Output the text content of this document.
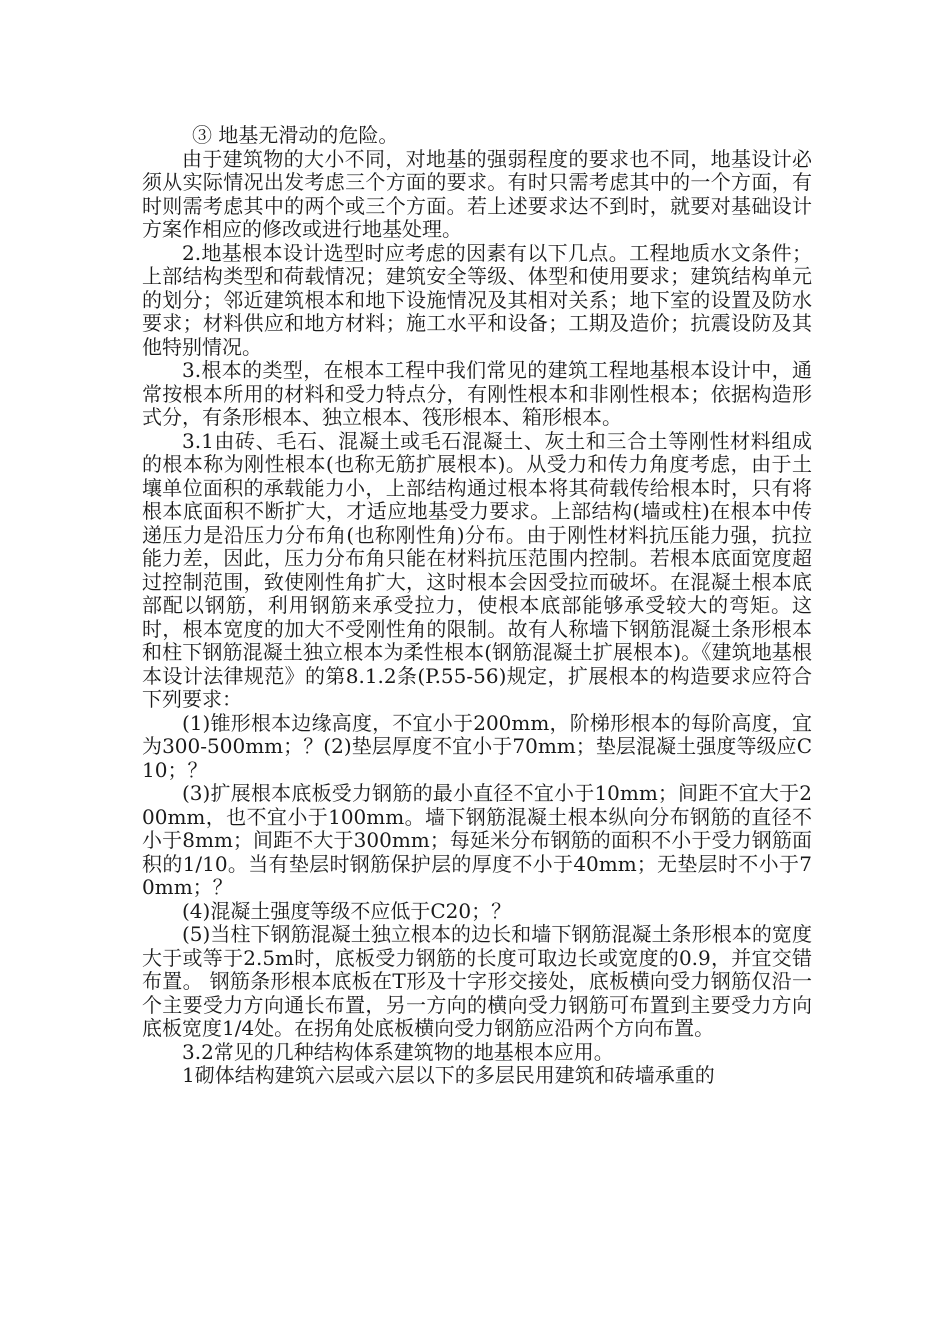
③ 地基无滑动的危险。

由于建筑物的大小不同，对地基的强弱程度的要求也不同，地基设计必须从实际情况出发考虑三个方面的要求。有时只需考虑其中的一个方面，有时则需考虑其中的两个或三个方面。若上述要求达不到时，就要对基础设计方案作相应的修改或进行地基处理。

2.地基根本设计选型时应考虑的因素有以下几点。工程地质水文条件；上部结构类型和荷载情况；建筑安全等级、体型和使用要求；建筑结构单元的划分；邻近建筑根本和地下设施情况及其相对关系；地下室的设置及防水要求；材料供应和地方材料；施工水平和设备；工期及造价；抗震设防及其他特别情况。

3.根本的类型，在根本工程中我们常见的建筑工程地基根本设计中，通常按根本所用的材料和受力特点分，有刚性根本和非刚性根本；依据构造形式分，有条形根本、独立根本、筏形根本、箱形根本。

3.1由砖、毛石、混凝土或毛石混凝土、灰土和三合土等刚性材料组成的根本称为刚性根本(也称无筋扩展根本)。从受力和传力角度考虑，由于土壤单位面积的承载能力小，上部结构通过根本将其荷载传给根本时，只有将根本底面积不断扩大，才适应地基受力要求。上部结构(墙或柱)在根本中传递压力是沿压力分布角(也称刚性角)分布。由于刚性材料抗压能力强，抗拉能力差，因此，压力分布角只能在材料抗压范围内控制。若根本底面宽度超过控制范围，致使刚性角扩大，这时根本会因受拉而破坏。在混凝土根本底部配以钢筋，利用钢筋来承受拉力，使根本底部能够承受较大的弯矩。这时，根本宽度的加大不受刚性角的限制。故有人称墙下钢筋混凝土条形根本和柱下钢筋混凝土独立根本为柔性根本(钢筋混凝土扩展根本)。《建筑地基根本设计法律规范》的第8.1.2条(P.55-56)规定，扩展根本的构造要求应符合下列要求：

(1)锥形根本边缘高度，不宜小于200mm，阶梯形根本的每阶高度，宜为300-500mm；？(2)垫层厚度不宜小于70mm；垫层混凝土强度等级应C10；？

(3)扩展根本底板受力钢筋的最小直径不宜小于10mm；间距不宜大于200mm，也不宜小于100mm。墙下钢筋混凝土根本纵向分布钢筋的直径不小于8mm；间距不大于300mm；每延米分布钢筋的面积不小于受力钢筋面积的1/10。当有垫层时钢筋保护层的厚度不小于40mm；无垫层时不小于70mm；？

(4)混凝土强度等级不应低于C20；？

(5)当柱下钢筋混凝土独立根本的边长和墙下钢筋混凝土条形根本的宽度大于或等于2.5m时，底板受力钢筋的长度可取边长或宽度的0.9，并宜交错布置。 钢筋条形根本底板在T形及十字形交接处，底板横向受力钢筋仅沿一个主要受力方向通长布置，另一方向的横向受力钢筋可布置到主要受力方向底板宽度1/4处。在拐角处底板横向受力钢筋应沿两个方向布置。

3.2常见的几种结构体系建筑物的地基根本应用。

1砌体结构建筑六层或六层以下的多层民用建筑和砖墙承重的
